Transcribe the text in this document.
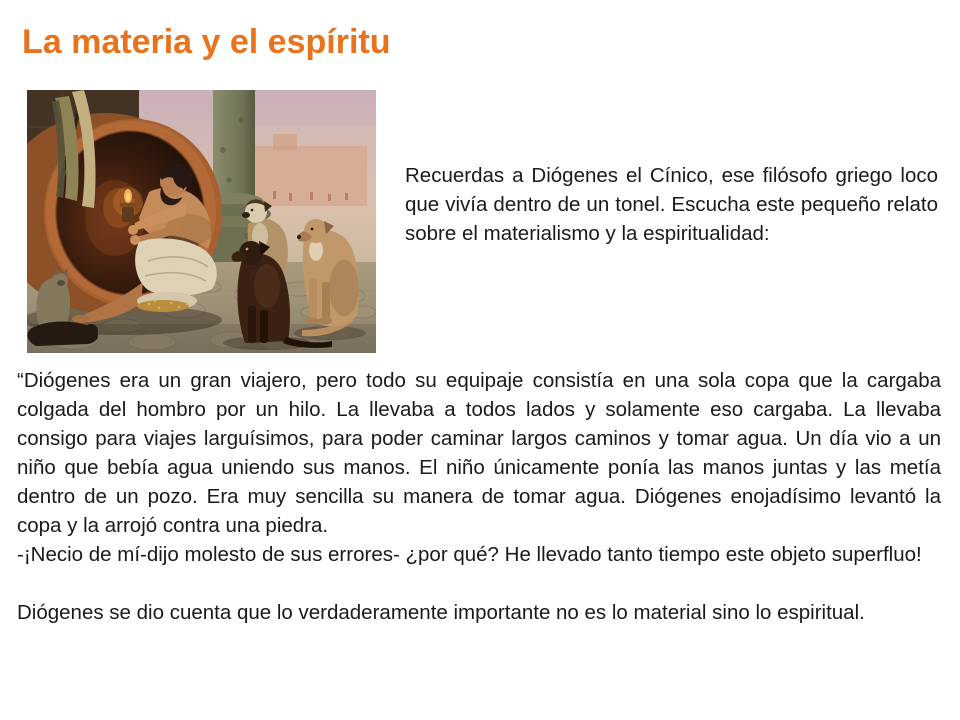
La materia y el espíritu

Recuerdas a Diógenes el Cínico, ese filósofo griego loco que vivía dentro de un tonel. Escucha este pequeño relato sobre el materialismo y la espiritualidad:

“Diógenes era un gran viajero, pero todo su equipaje consistía en una sola copa que la cargaba colgada del hombro por un hilo. La llevaba a todos lados y solamente eso cargaba. La llevaba consigo para viajes larguísimos, para poder caminar largos caminos y tomar agua. Un día vio a un niño que bebía agua uniendo sus manos. El niño únicamente ponía las manos juntas y las metía dentro de un pozo. Era muy sencilla su manera de tomar agua. Diógenes enojadísimo levantó la copa y la arrojó contra una piedra.

-¡Necio de mí-dijo molesto de sus errores- ¿por qué? He llevado tanto tiempo este objeto superfluo!

Diógenes se dio cuenta que lo verdaderamente importante no es lo material sino lo espiritual.
